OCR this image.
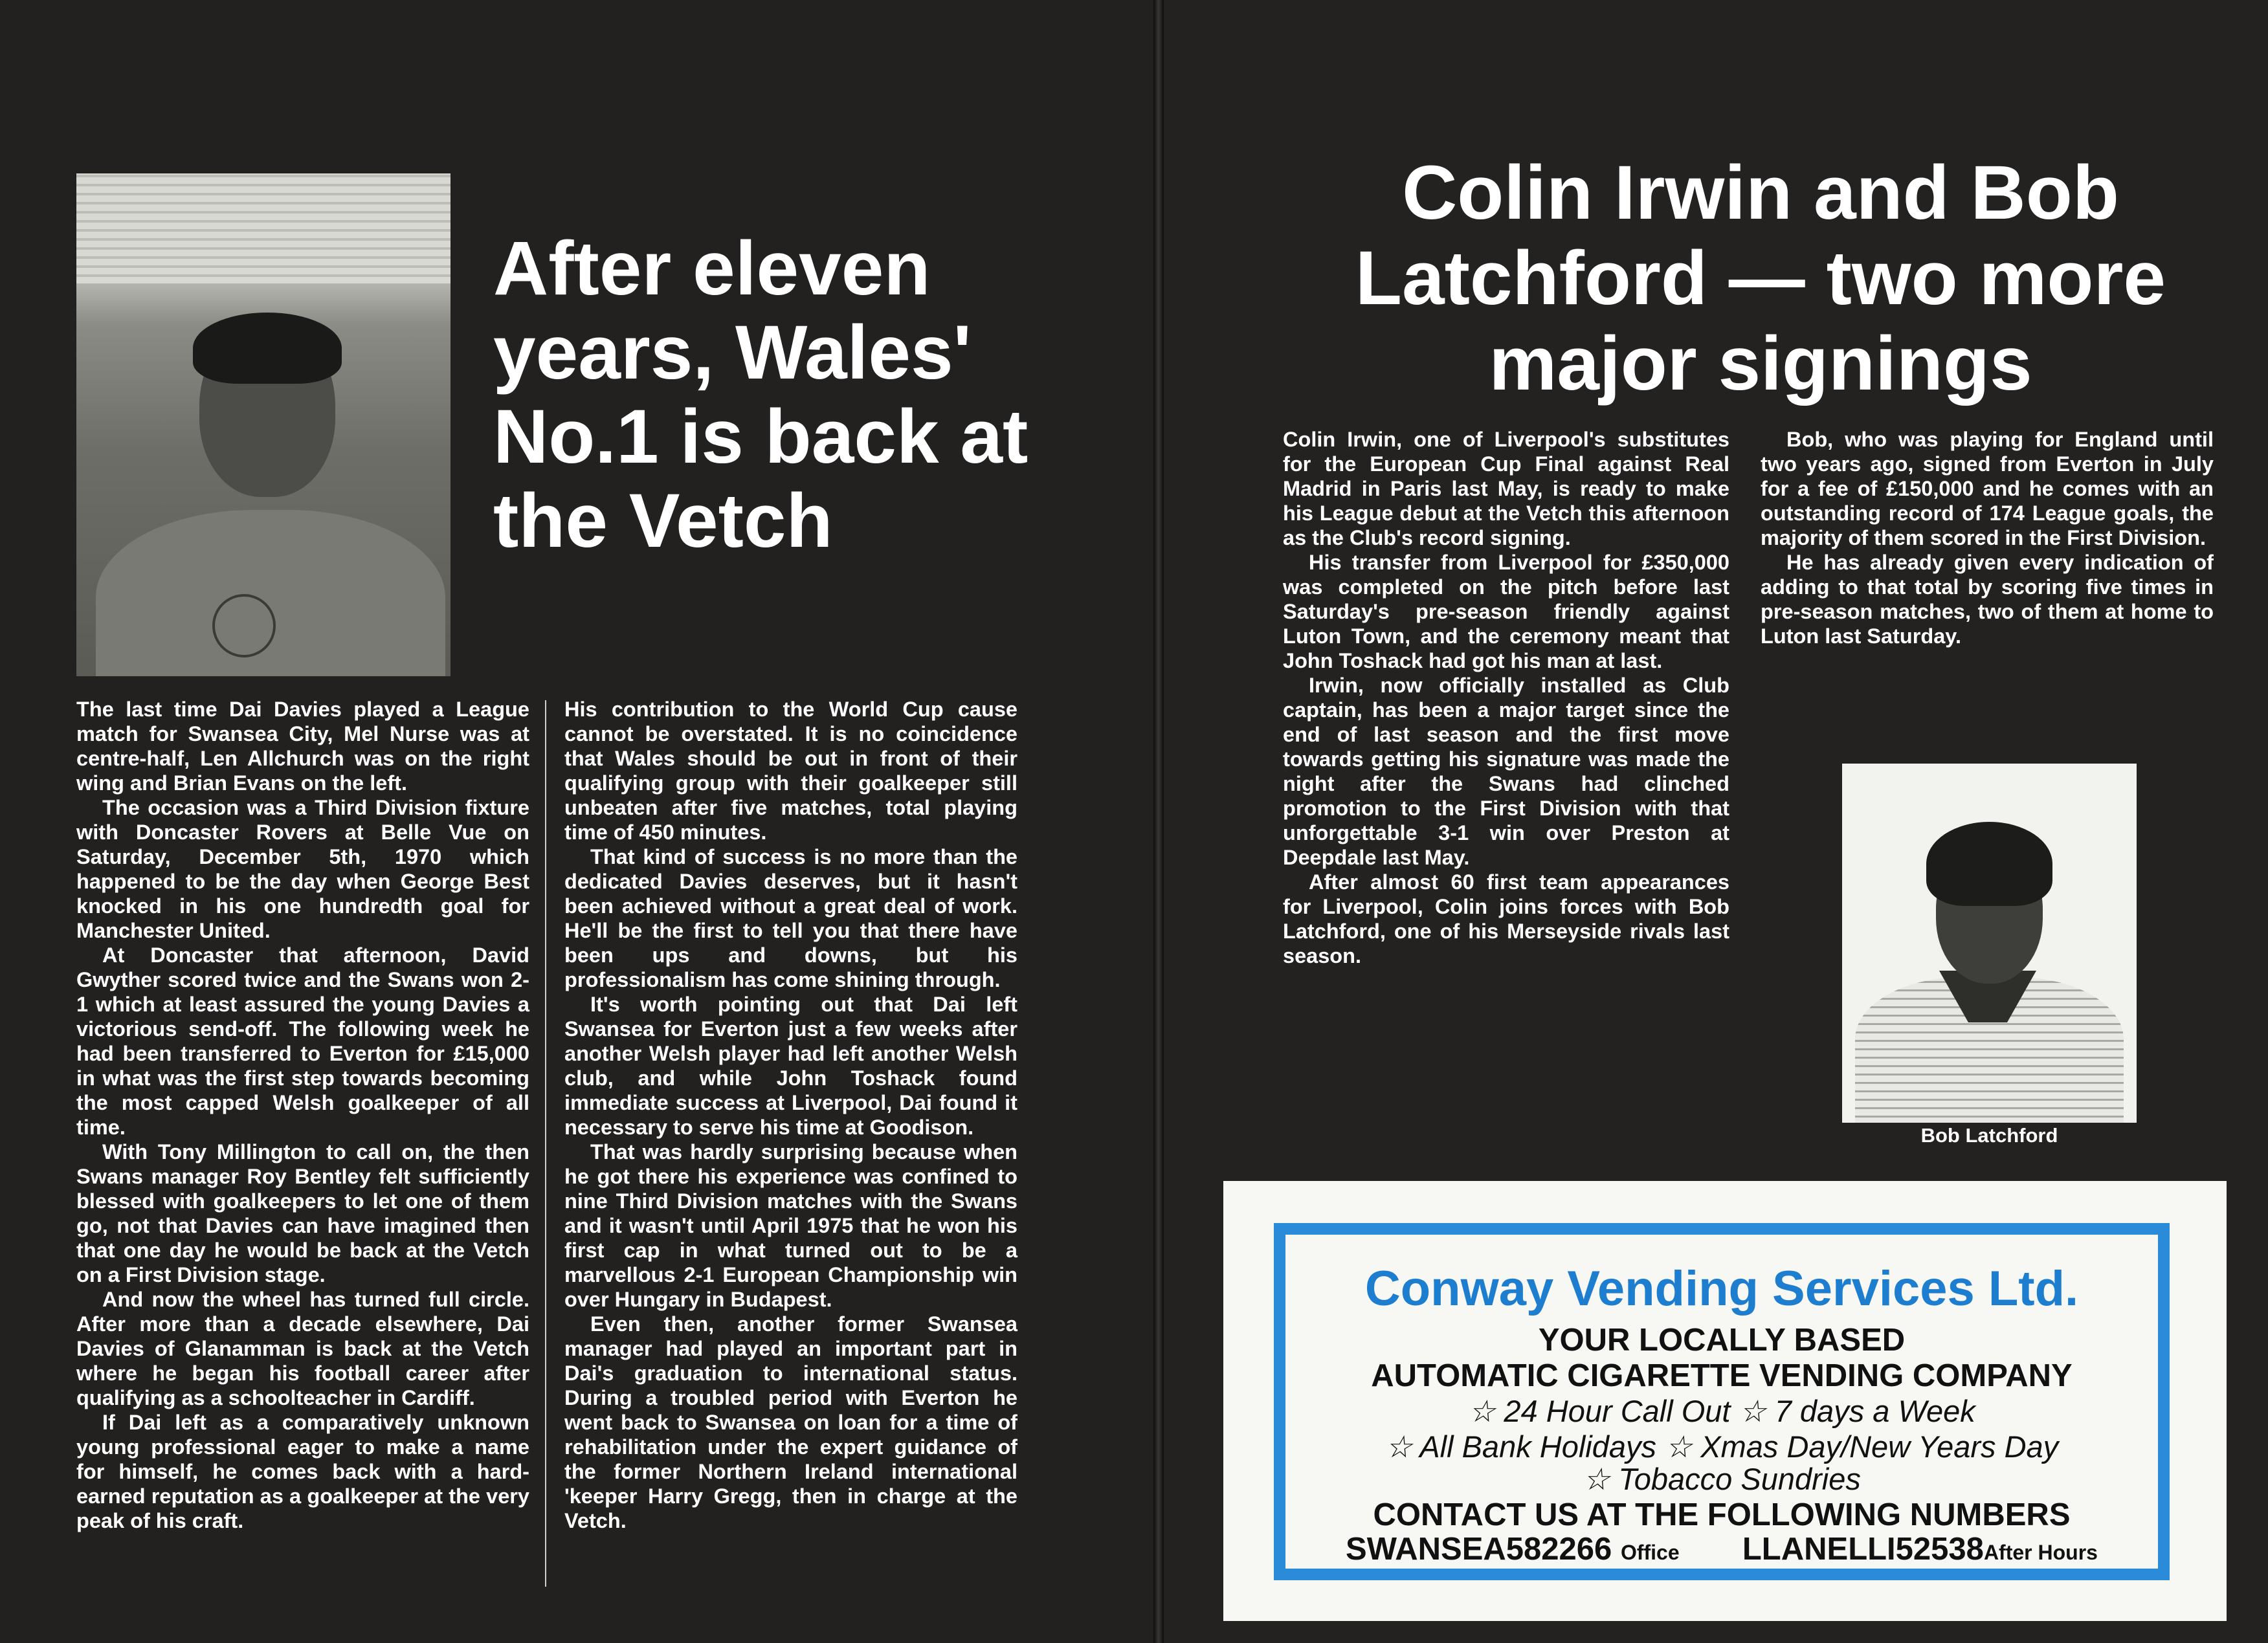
After eleven years, Wales' No.1 is back at the Vetch

The last time Dai Davies played a League match for Swansea City, Mel Nurse was at centre-half, Len Allchurch was on the right wing and Brian Evans on the left.

The occasion was a Third Division fixture with Doncaster Rovers at Belle Vue on Saturday, December 5th, 1970 which happened to be the day when George Best knocked in his one hundredth goal for Manchester United.

At Doncaster that afternoon, David Gwyther scored twice and the Swans won 2-1 which at least assured the young Davies a victorious send-off. The following week he had been transferred to Everton for £15,000 in what was the first step towards becoming the most capped Welsh goalkeeper of all time.

With Tony Millington to call on, the then Swans manager Roy Bentley felt sufficiently blessed with goalkeepers to let one of them go, not that Davies can have imagined then that one day he would be back at the Vetch on a First Division stage.

And now the wheel has turned full circle. After more than a decade elsewhere, Dai Davies of Glanamman is back at the Vetch where he began his football career after qualifying as a schoolteacher in Cardiff.

If Dai left as a comparatively unknown young professional eager to make a name for himself, he comes back with a hard-earned reputation as a goalkeeper at the very peak of his craft.

His contribution to the World Cup cause cannot be overstated. It is no coincidence that Wales should be out in front of their qualifying group with their goalkeeper still unbeaten after five matches, total playing time of 450 minutes.

That kind of success is no more than the dedicated Davies deserves, but it hasn't been achieved without a great deal of work. He'll be the first to tell you that there have been ups and downs, but his professionalism has come shining through.

It's worth pointing out that Dai left Swansea for Everton just a few weeks after another Welsh player had left another Welsh club, and while John Toshack found immediate success at Liverpool, Dai found it necessary to serve his time at Goodison.

That was hardly surprising because when he got there his experience was confined to nine Third Division matches with the Swans and it wasn't until April 1975 that he won his first cap in what turned out to be a marvellous 2-1 European Championship win over Hungary in Budapest.

Even then, another former Swansea manager had played an important part in Dai's graduation to international status. During a troubled period with Everton he went back to Swansea on loan for a time of rehabilitation under the expert guidance of the former Northern Ireland international 'keeper Harry Gregg, then in charge at the Vetch.

Colin Irwin and Bob Latchford — two more major signings

Colin Irwin, one of Liverpool's substitutes for the European Cup Final against Real Madrid in Paris last May, is ready to make his League debut at the Vetch this afternoon as the Club's record signing.

His transfer from Liverpool for £350,000 was completed on the pitch before last Saturday's pre-season friendly against Luton Town, and the ceremony meant that John Toshack had got his man at last.

Irwin, now officially installed as Club captain, has been a major target since the end of last season and the first move towards getting his signature was made the night after the Swans had clinched promotion to the First Division with that unforgettable 3-1 win over Preston at Deepdale last May.

After almost 60 first team appearances for Liverpool, Colin joins forces with Bob Latchford, one of his Merseyside rivals last season.

Bob, who was playing for England until two years ago, signed from Everton in July for a fee of £150,000 and he comes with an outstanding record of 174 League goals, the majority of them scored in the First Division.

He has already given every indication of adding to that total by scoring five times in pre-season matches, two of them at home to Luton last Saturday.

Bob Latchford
Conway Vending Services Ltd.
YOUR LOCALLY BASED
AUTOMATIC CIGARETTE VENDING COMPANY
☆ 24 Hour Call Out ☆ 7 days a Week
☆ All Bank Holidays ☆ Xmas Day/New Years Day
☆ Tobacco Sundries
CONTACT US AT THE FOLLOWING NUMBERS
SWANSEA582266 Office LLANELLI52538After Hours
